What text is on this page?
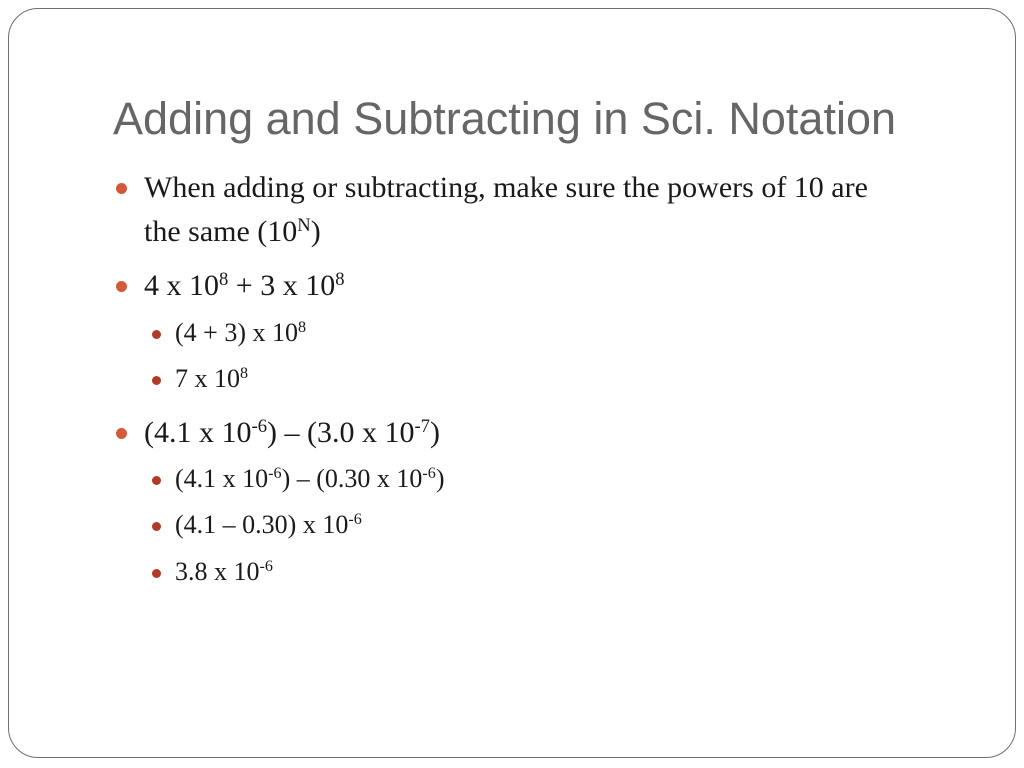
Adding and Subtracting in Sci. Notation
When adding or subtracting, make sure the powers of 10 are
the same $(10^N)$
4 x $10^8 + 3$ x $10^8$
(4 + 3) x $10^8$
7 x $10^8$
(4.1 x $10^{-6}) - (3.0$ x $10^{-7}$)
(4.1 x $10^{-6}) - (0.30$ x $10^{-6}$)
(4.1 – 0.30) x $10^{-6}$
3.8 x $10^{-6}$
